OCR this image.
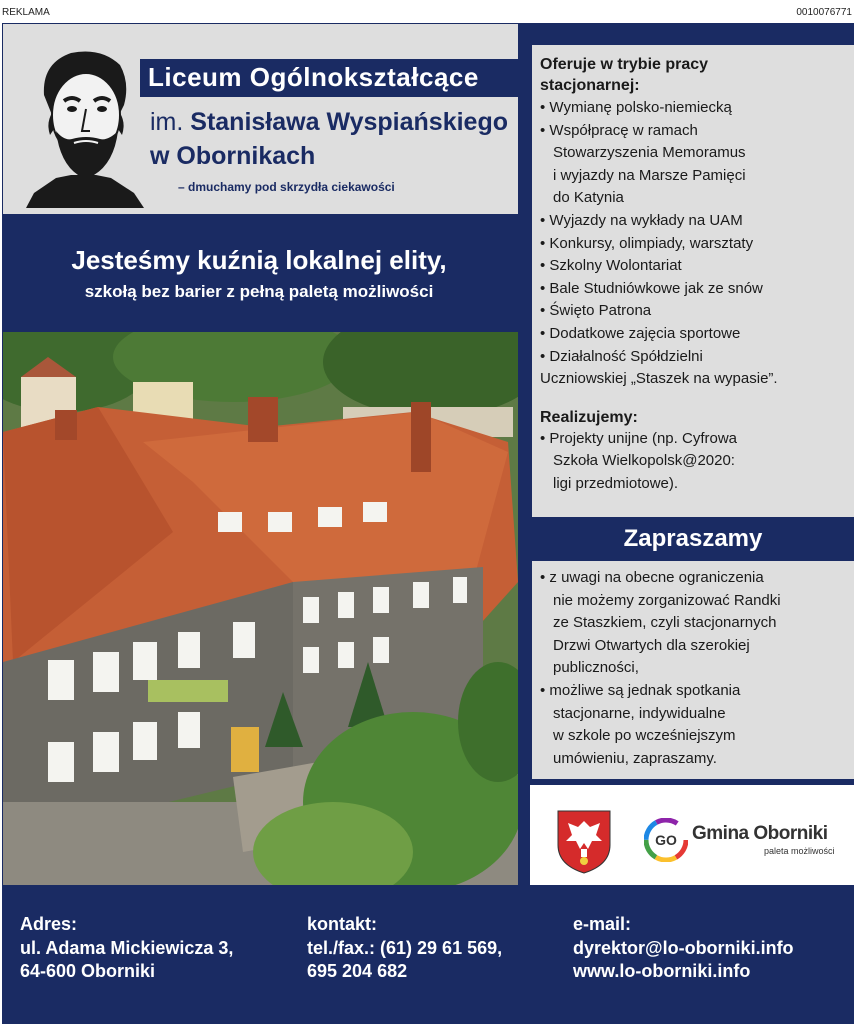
REKLAMA	0010076771
Liceum Ogólnokształcące
im. Stanisława Wyspiańskiego
w Obornikach
– dmuchamy pod skrzydła ciekawości
Jesteśmy kuźnią lokalnej elity,
szkołą bez barier z pełną paletą możliwości
Oferuje w trybie pracy
stacjonarnej:
• Wymianę polsko-niemiecką
• Współpracę w ramach
Stowarzyszenia Memoramus
i wyjazdy na Marsze Pamięci
do Katynia
• Wyjazdy na wykłady na UAM
• Konkursy, olimpiady, warsztaty
• Szkolny Wolontariat
• Bale Studniówkowe jak ze snów
• Święto Patrona
• Dodatkowe zajęcia sportowe
• Działalność Spółdzielni
Uczniowskiej „Staszek na wypasie”.
Realizujemy:
• Projekty unijne (np. Cyfrowa
Szkoła Wielkopolsk@2020:
ligi przedmiotowe).
Zapraszamy
• z uwagi na obecne ograniczenia
nie możemy zorganizować Randki
ze Staszkiem, czyli stacjonarnych
Drzwi Otwartych dla szerokiej
publiczności,
• możliwe są jednak spotkania
stacjonarne, indywidualne
w szkole po wcześniejszym
umówieniu, zapraszamy.
GO Gmina Oborniki
paleta możliwości
Adres:
ul. Adama Mickiewicza 3,
64-600 Oborniki
kontakt:
tel./fax.: (61) 29 61 569,
695 204 682
e-mail:
dyrektor@lo-oborniki.info
www.lo-oborniki.info
